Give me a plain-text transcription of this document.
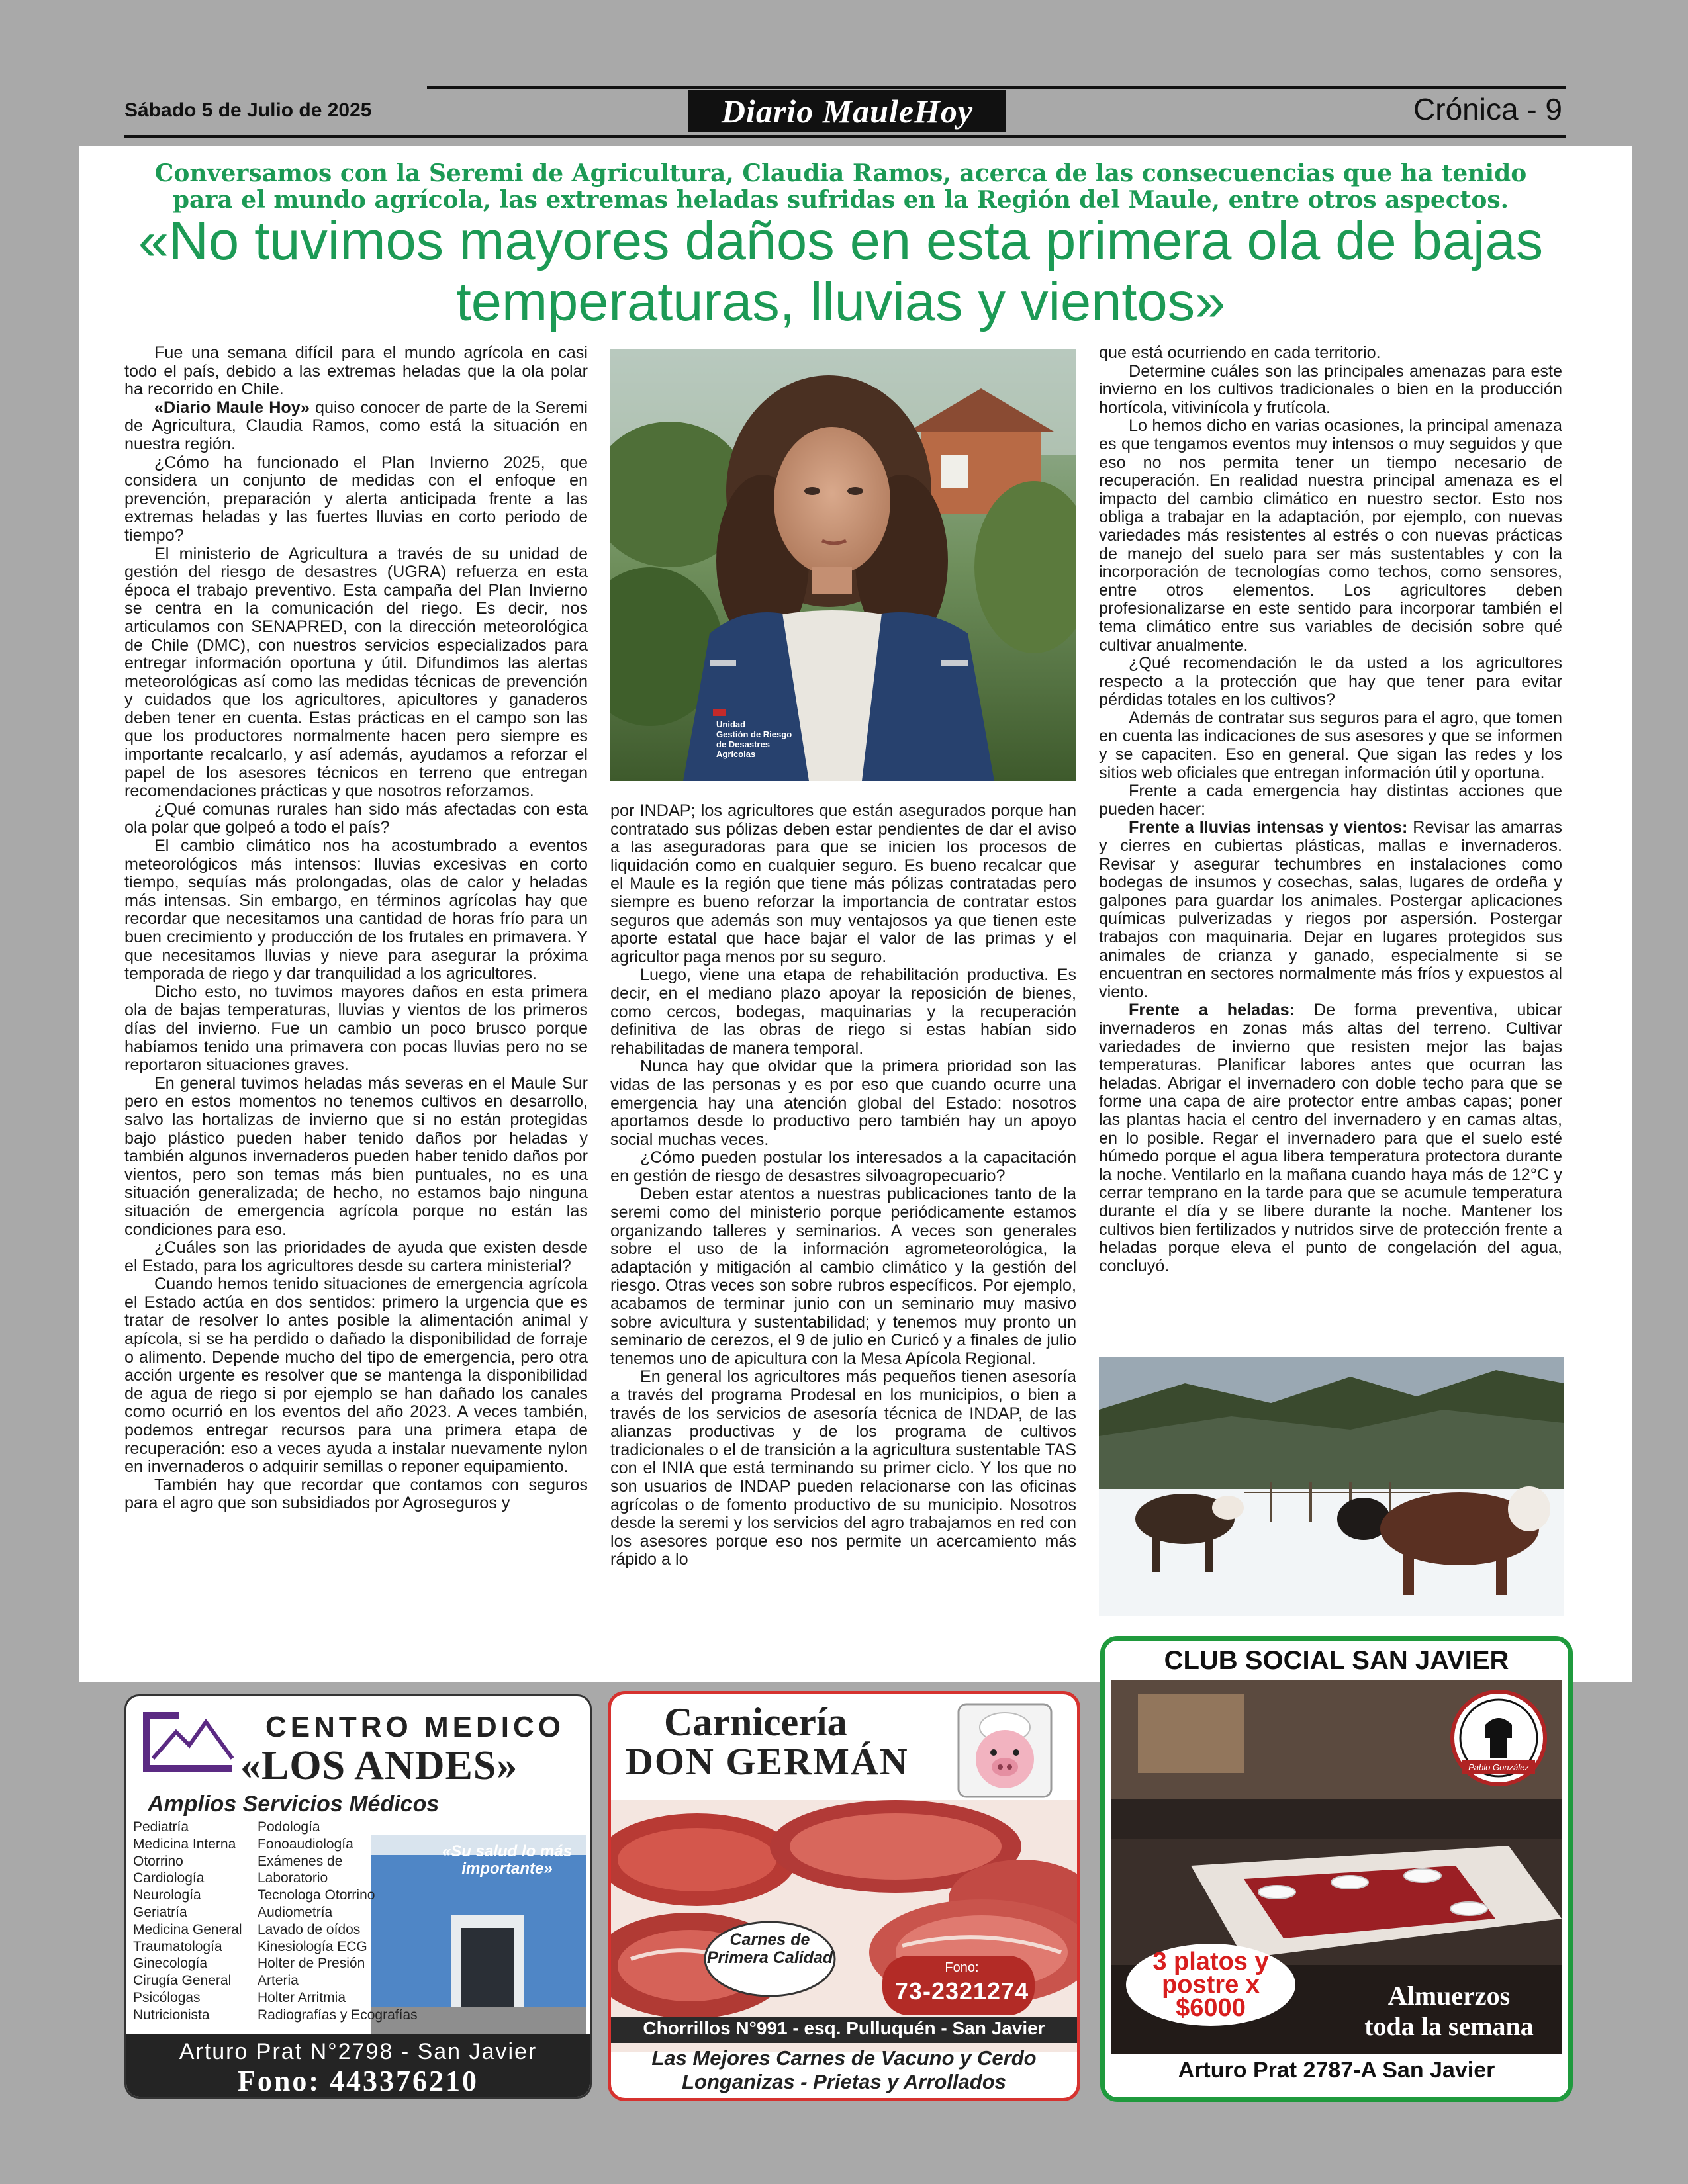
Sábado 5 de Julio de 2025	Diario MauleHoy	Crónica - 9
Conversamos con la Seremi de Agricultura, Claudia Ramos, acerca de las consecuencias que ha tenido para el mundo agrícola, las extremas heladas sufridas en la Región del Maule, entre otros aspectos.
«No tuvimos mayores daños en esta primera ola de bajas temperaturas, lluvias y vientos»

Fue una semana difícil para el mundo agrícola en casi todo el país, debido a las extremas heladas que la ola polar ha recorrido en Chile.

«Diario Maule Hoy» quiso conocer de parte de la Seremi de Agricultura, Claudia Ramos, como está la situación en nuestra región.

¿Cómo ha funcionado el Plan Invierno 2025, que considera un conjunto de medidas con el enfoque en prevención, preparación y alerta anticipada frente a las extremas heladas y las fuertes lluvias en corto periodo de tiempo?

El ministerio de Agricultura a través de su unidad de gestión del riesgo de desastres (UGRA) refuerza en esta época el trabajo preventivo. Esta campaña del Plan Invierno se centra en la comunicación del riego. Es decir, nos articulamos con SENAPRED, con la dirección meteorológica de Chile (DMC), con nuestros servicios especializados para entregar información oportuna y útil. Difundimos las alertas meteorológicas así como las medidas técnicas de prevención y cuidados que los agricultores, apicultores y ganaderos deben tener en cuenta. Estas prácticas en el campo son las que los productores normalmente hacen pero siempre es importante recalcarlo, y así además, ayudamos a reforzar el papel de los asesores técnicos en terreno que entregan recomendaciones prácticas y que nosotros reforzamos.

¿Qué comunas rurales han sido más afectadas con esta ola polar que golpeó a todo el país?

El cambio climático nos ha acostumbrado a eventos meteorológicos más intensos: lluvias excesivas en corto tiempo, sequías más prolongadas, olas de calor y heladas más intensas. Sin embargo, en términos agrícolas hay que recordar que necesitamos una cantidad de horas frío para un buen crecimiento y producción de los frutales en primavera. Y que necesitamos lluvias y nieve para asegurar la próxima temporada de riego y dar tranquilidad a los agricultores.

Dicho esto, no tuvimos mayores daños en esta primera ola de bajas temperaturas, lluvias y vientos de los primeros días del invierno. Fue un cambio un poco brusco porque habíamos tenido una primavera con pocas lluvias pero no se reportaron situaciones graves.

En general tuvimos heladas más severas en el Maule Sur pero en estos momentos no tenemos cultivos en desarrollo, salvo las hortalizas de invierno que si no están protegidas bajo plástico pueden haber tenido daños por heladas y también algunos invernaderos pueden haber tenido daños por vientos, pero son temas más bien puntuales, no es una situación generalizada; de hecho, no estamos bajo ninguna situación de emergencia agrícola porque no están las condiciones para eso.

¿Cuáles son las prioridades de ayuda que existen desde el Estado, para los agricultores desde su cartera ministerial?

Cuando hemos tenido situaciones de emergencia agrícola el Estado actúa en dos sentidos: primero la urgencia que es tratar de resolver lo antes posible la alimentación animal y apícola, si se ha perdido o dañado la disponibilidad de forraje o alimento. Depende mucho del tipo de emergencia, pero otra acción urgente es resolver que se mantenga la disponibilidad de agua de riego si por ejemplo se han dañado los canales como ocurrió en los eventos del año 2023. A veces también, podemos entregar recursos para una primera etapa de recuperación: eso a veces ayuda a instalar nuevamente nylon en invernaderos o adquirir semillas o reponer equipamiento.

También hay que recordar que contamos con seguros para el agro que son subsidiados por Agroseguros y

Unidad
Gestión de Riesgo
de Desastres
Agrícolas

por INDAP; los agricultores que están asegurados porque han contratado sus pólizas deben estar pendientes de dar el aviso a las aseguradoras para que se inicien los procesos de liquidación como en cualquier seguro. Es bueno recalcar que el Maule es la región que tiene más pólizas contratadas pero siempre es bueno reforzar la importancia de contratar estos seguros que además son muy ventajosos ya que tienen este aporte estatal que hace bajar el valor de las primas y el agricultor paga menos por su seguro.

Luego, viene una etapa de rehabilitación productiva. Es decir, en el mediano plazo apoyar la reposición de bienes, como cercos, bodegas, maquinarias y la recuperación definitiva de las obras de riego si estas habían sido rehabilitadas de manera temporal.

Nunca hay que olvidar que la primera prioridad son las vidas de las personas y es por eso que cuando ocurre una emergencia hay una atención global del Estado: nosotros aportamos desde lo productivo pero también hay un apoyo social muchas veces.

¿Cómo pueden postular los interesados a la capacitación en gestión de riesgo de desastres silvoagropecuario?

Deben estar atentos a nuestras publicaciones tanto de la seremi como del ministerio porque periódicamente estamos organizando talleres y seminarios. A veces son generales sobre el uso de la información agrometeorológica, la adaptación y mitigación al cambio climático y la gestión del riesgo. Otras veces son sobre rubros específicos. Por ejemplo, acabamos de terminar junio con un seminario muy masivo sobre avicultura y sustentabilidad; y tenemos muy pronto un seminario de cerezos, el 9 de julio en Curicó y a finales de julio tenemos uno de apicultura con la Mesa Apícola Regional.

En general los agricultores más pequeños tienen asesoría a través del programa Prodesal en los municipios, o bien a través de los servicios de asesoría técnica de INDAP, de las alianzas productivas y de los programa de cultivos tradicionales o el de transición a la agricultura sustentable TAS con el INIA que está terminando su primer ciclo. Y los que no son usuarios de INDAP pueden relacionarse con las oficinas agrícolas o de fomento productivo de su municipio. Nosotros desde la seremi y los servicios del agro trabajamos en red con los asesores porque eso nos permite un acercamiento más rápido a lo

que está ocurriendo en cada territorio.

Determine cuáles son las principales amenazas para este invierno en los cultivos tradicionales o bien en la producción hortícola, vitivinícola y frutícola.

Lo hemos dicho en varias ocasiones, la principal amenaza es que tengamos eventos muy intensos o muy seguidos y que eso no nos permita tener un tiempo necesario de recuperación. En realidad nuestra principal amenaza es el impacto del cambio climático en nuestro sector. Esto nos obliga a trabajar en la adaptación, por ejemplo, con nuevas variedades más resistentes al estrés o con nuevas prácticas de manejo del suelo para ser más sustentables y con la incorporación de tecnologías como techos, como sensores, entre otros elementos. Los agricultores deben profesionalizarse en este sentido para incorporar también el tema climático entre sus variables de decisión sobre qué cultivar anualmente.

¿Qué recomendación le da usted a los agricultores respecto a la protección que hay que tener para evitar pérdidas totales en los cultivos?

Además de contratar sus seguros para el agro, que tomen en cuenta las indicaciones de sus asesores y que se informen y se capaciten. Eso en general. Que sigan las redes y los sitios web oficiales que entregan información útil y oportuna.

Frente a cada emergencia hay distintas acciones que pueden hacer:

Frente a lluvias intensas y vientos: Revisar las amarras y cierres en cubiertas plásticas, mallas e invernaderos. Revisar y asegurar techumbres en instalaciones como bodegas de insumos y cosechas, salas, lugares de ordeña y galpones para guardar los animales. Postergar aplicaciones químicas pulverizadas y riegos por aspersión. Postergar trabajos con maquinaria. Dejar en lugares protegidos sus animales de crianza y ganado, especialmente si se encuentran en sectores normalmente más fríos y expuestos al viento.

Frente a heladas: De forma preventiva, ubicar invernaderos en zonas más altas del terreno. Cultivar variedades de invierno que resisten mejor las bajas temperaturas. Planificar labores antes que ocurran las heladas. Abrigar el invernadero con doble techo para que se forme una capa de aire protector entre ambas capas; poner las plantas hacia el centro del invernadero y en camas altas, en lo posible. Regar el invernadero para que el suelo esté húmedo porque el agua libera temperatura protectora durante la noche. Ventilarlo en la mañana cuando haya más de 12°C y cerrar temprano en la tarde para que se acumule temperatura durante el día y se libere durante la noche. Mantener los cultivos bien fertilizados y nutridos sirve de protección frente a heladas porque eleva el punto de congelación del agua, concluyó.

CENTRO MEDICO
«LOS ANDES»
Amplios Servicios Médicos
«Su salud lo más importante»
Pediatría
Medicina Interna
Otorrino
Cardiología
Neurología
Geriatría
Medicina General
Traumatología
Ginecología
Cirugía General
Psicólogas
Nutricionista
Podología
Fonoaudiología
Exámenes de
Laboratorio
Tecnologa Otorrino
Audiometría
Lavado de oídos
Kinesiología ECG
Holter de Presión
Arteria
Holter Arritmia
Radiografías y Ecografías
Arturo Prat N°2798 - San Javier
Fono: 443376210
Carnicería
DON GERMÁN
Carnes de Primera Calidad
Fono:
73-2321274
Chorrillos N°991 - esq. Pulluquén - San Javier
Las Mejores Carnes de Vacuno y Cerdo
Longanizas - Prietas y Arrollados
CLUB SOCIAL SAN JAVIER
Pablo González
3 platos y postre x $6000	Almuerzos
toda la semana
Arturo Prat 2787-A San Javier
